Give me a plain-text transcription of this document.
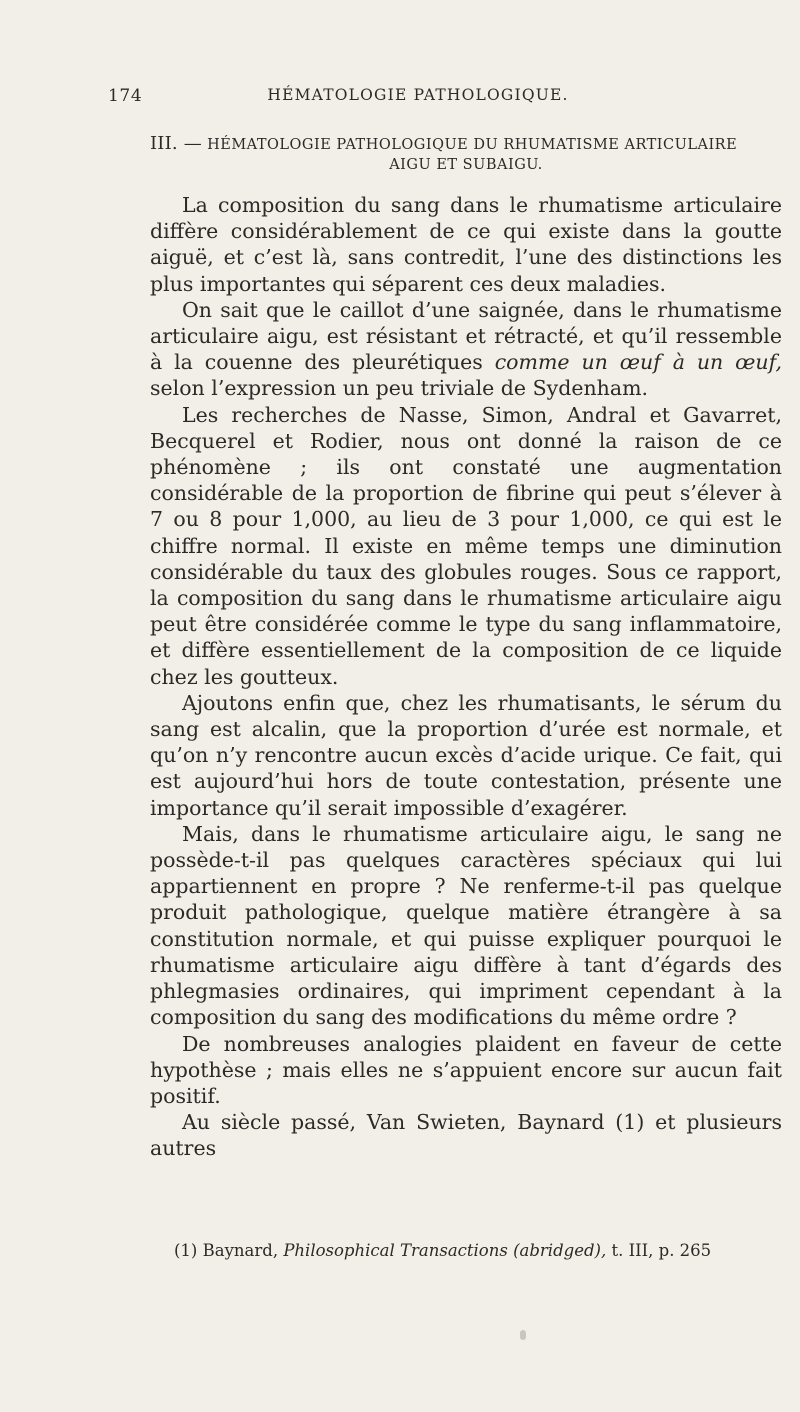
174	HÉMATOLOGIE PATHOLOGIQUE.
III. — HÉMATOLOGIE PATHOLOGIQUE DU RHUMATISME ARTICULAIRE
AIGU ET SUBAIGU.

La composition du sang dans le rhumatisme articulaire diffère considérablement de ce qui existe dans la goutte aiguë, et c’est là, sans contredit, l’une des distinctions les plus importantes qui séparent ces deux maladies.

On sait que le caillot d’une saignée, dans le rhumatisme articulaire aigu, est résistant et rétracté, et qu’il ressemble à la couenne des pleurétiques comme un œuf à un œuf, selon l’expression un peu triviale de Sydenham.

Les recherches de Nasse, Simon, Andral et Gavarret, Becquerel et Rodier, nous ont donné la raison de ce phénomène ; ils ont constaté une augmentation considérable de la proportion de fibrine qui peut s’élever à 7 ou 8 pour 1,000, au lieu de 3 pour 1,000, ce qui est le chiffre normal. Il existe en même temps une diminution considérable du taux des globules rouges. Sous ce rapport, la composition du sang dans le rhumatisme articulaire aigu peut être considérée comme le type du sang inflammatoire, et diffère essentiellement de la composition de ce liquide chez les goutteux.

Ajoutons enfin que, chez les rhumatisants, le sérum du sang est alcalin, que la proportion d’urée est normale, et qu’on n’y rencontre aucun excès d’acide urique. Ce fait, qui est aujourd’hui hors de toute contestation, présente une importance qu’il serait impossible d’exagérer.

Mais, dans le rhumatisme articulaire aigu, le sang ne possède-t-il pas quelques caractères spéciaux qui lui appartiennent en propre ? Ne renferme-t-il pas quelque produit pathologique, quelque matière étrangère à sa constitution normale, et qui puisse expliquer pourquoi le rhumatisme articulaire aigu diffère à tant d’égards des phlegmasies ordinaires, qui impriment cependant à la composition du sang des modifications du même ordre ?

De nombreuses analogies plaident en faveur de cette hypothèse ; mais elles ne s’appuient encore sur aucun fait positif.

Au siècle passé, Van Swieten, Baynard (1) et plusieurs autres

(1) Baynard, Philosophical Transactions (abridged), t. III, p. 265
